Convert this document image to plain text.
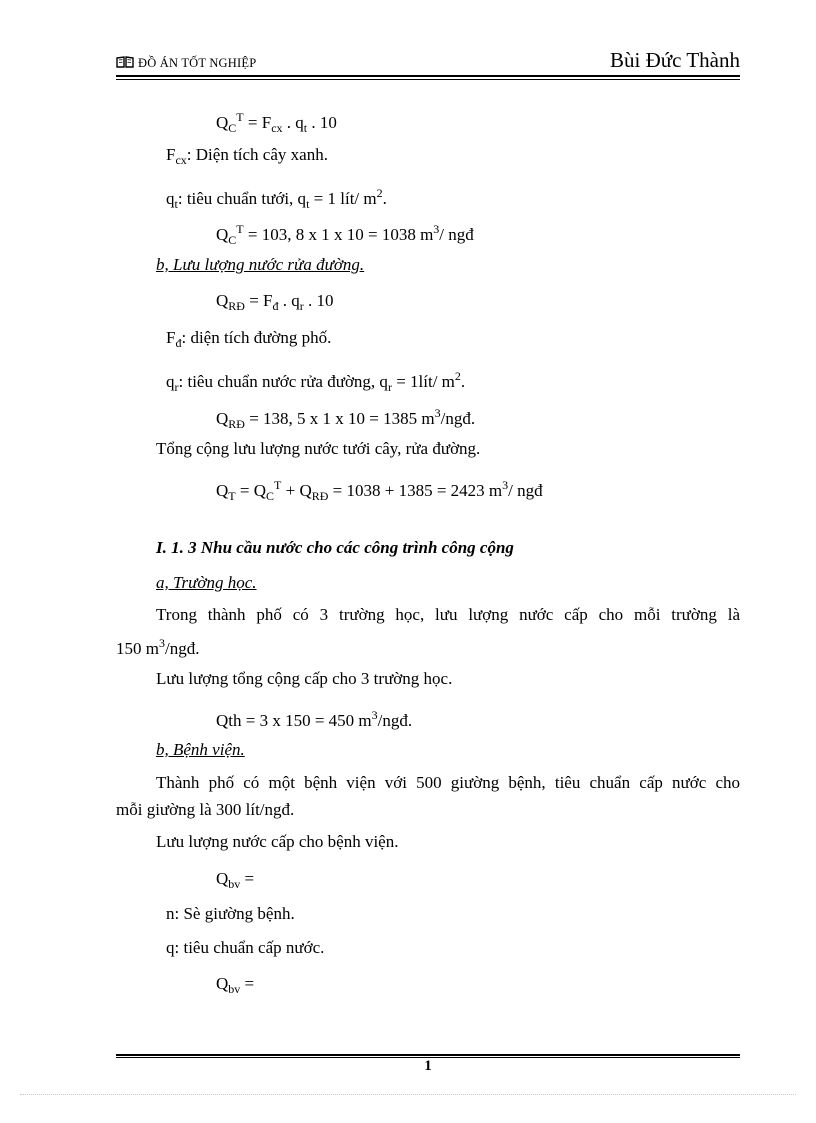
ĐỒ ÁN TỐT NGHIỆP	Bùi Đức Thành
$Q_C^T = F_{cx}$ . $q_t$ . 10
$F_{cx}$: Diện tích cây xanh.
$q_t$: tiêu chuẩn tưới, $q_t = 1$ lít/ $m^2$.
$Q_C^T = 103$, 8 x 1 x 10 = 1038 $m^3/$ ngđ
b, Lưu lượng nước rửa đường.
$Q_{RĐ} = F_đ$ . $q_r$ . 10
$F_đ$: diện tích đường phố.
$q_r$: tiêu chuẩn nước rửa đường, $q_r$ = 1lít/ $m^2$.
$Q_{RĐ} = 138$, 5 x 1 x 10 = 1385 $m^3$/ngđ.
Tổng cộng lưu lượng nước tưới cây, rửa đường.
$Q_T = Q_C^T + Q_{RĐ} = 1038 + 1385 = 2423$ $m^3/$ ngđ
I. 1. 3 Nhu cầu nước cho các công trình công cộng
a, Trường học.
Trong thành phố có 3 trường học, lưu lượng nước cấp cho mỗi trường là
150 $m^3$/ngđ.
Lưu lượng tổng cộng cấp cho 3 trường học.
Qth = 3 x 150 = 450 $m^3$/ngđ.
b, Bệnh viện.
Thành phố có một bệnh viện với 500 giường bệnh, tiêu chuẩn cấp nước cho
mỗi giường là 300 lít/ngđ.
Lưu lượng nước cấp cho bệnh viện.
$Q_{bv}$ =
n: Sè giường bệnh.
q: tiêu chuẩn cấp nước.
$Q_{bv}$ =
1
